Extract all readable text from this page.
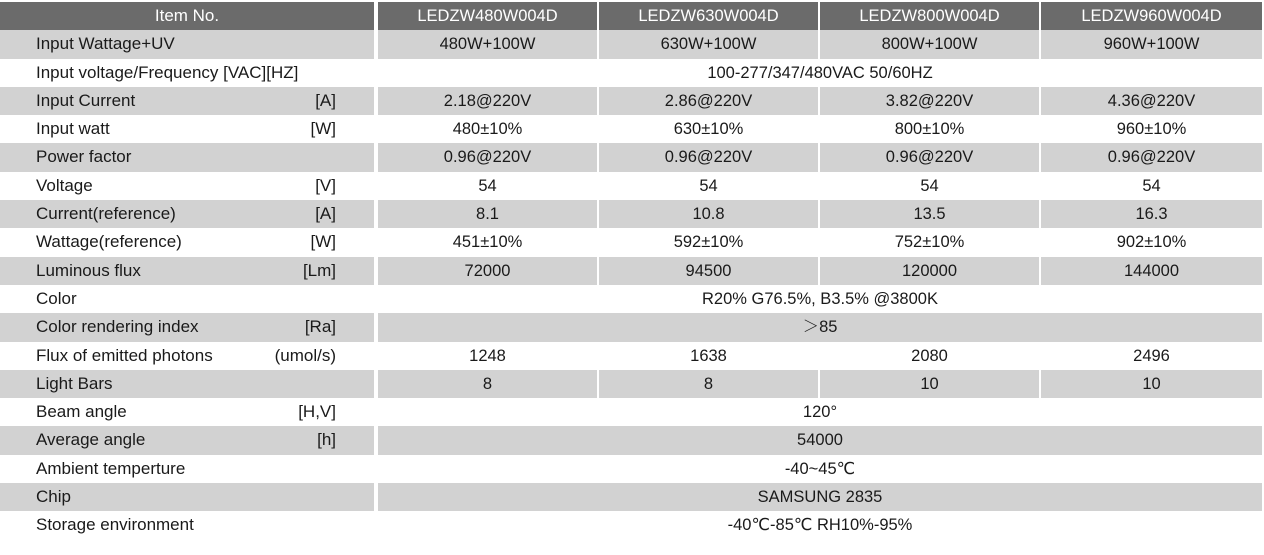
Item No.	LEDZW480W004D	LEDZW630W004D	LEDZW800W004D	LEDZW960W004D
Input Wattage+UV	480W+100W	630W+100W	800W+100W	960W+100W
Input voltage/Frequency [VAC][HZ]	100-277/347/480VAC 50/60HZ
Input Current	[A]	2.18@220V	2.86@220V	3.82@220V	4.36@220V
Input watt	[W]	480±10%	630±10%	800±10%	960±10%
Power factor	0.96@220V	0.96@220V	0.96@220V	0.96@220V
Voltage	[V]	54	54	54	54
Current(reference)	[A]	8.1	10.8	13.5	16.3
Wattage(reference)	[W]	451±10%	592±10%	752±10%	902±10%
Luminous flux	[Lm]	72000	94500	120000	144000
Color	R20% G76.5%, B3.5% @3800K
Color rendering index	[Ra]	＞85
Flux of emitted photons	(umol/s)	1248	1638	2080	2496
Light Bars	8	8	10	10
Beam angle	[H,V]	120°
Average angle	[h]	54000
Ambient temperture	-40~45℃
Chip	SAMSUNG 2835
Storage environment	-40℃-85℃ RH10%-95%
